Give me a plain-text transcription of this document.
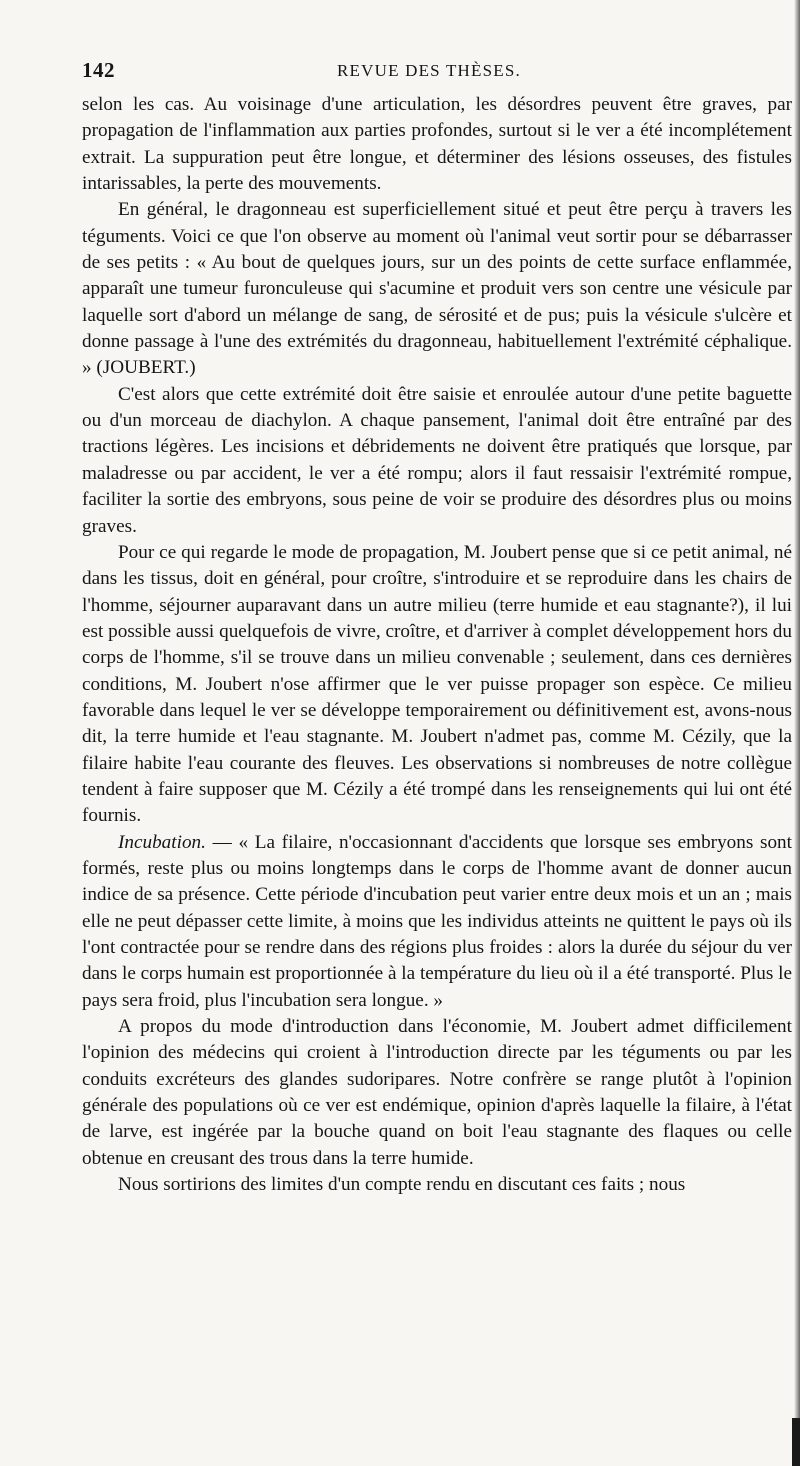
142	REVUE DES THÈSES.

selon les cas. Au voisinage d'une articulation, les désordres peuvent être graves, par propagation de l'inflammation aux parties profondes, surtout si le ver a été incomplétement extrait. La suppuration peut être longue, et déterminer des lésions osseuses, des fistules intarissables, la perte des mouvements.

En général, le dragonneau est superficiellement situé et peut être perçu à travers les téguments. Voici ce que l'on observe au moment où l'animal veut sortir pour se débarrasser de ses petits : « Au bout de quelques jours, sur un des points de cette surface enflammée, apparaît une tumeur furonculeuse qui s'acumine et produit vers son centre une vésicule par laquelle sort d'abord un mélange de sang, de sérosité et de pus; puis la vésicule s'ulcère et donne passage à l'une des extrémités du dragonneau, habituellement l'extrémité céphalique. » (JOUBERT.)

C'est alors que cette extrémité doit être saisie et enroulée autour d'une petite baguette ou d'un morceau de diachylon. A chaque pansement, l'animal doit être entraîné par des tractions légères. Les incisions et débridements ne doivent être pratiqués que lorsque, par maladresse ou par accident, le ver a été rompu; alors il faut ressaisir l'extrémité rompue, faciliter la sortie des embryons, sous peine de voir se produire des désordres plus ou moins graves.

Pour ce qui regarde le mode de propagation, M. Joubert pense que si ce petit animal, né dans les tissus, doit en général, pour croître, s'introduire et se reproduire dans les chairs de l'homme, séjourner auparavant dans un autre milieu (terre humide et eau stagnante?), il lui est possible aussi quelquefois de vivre, croître, et d'arriver à complet développement hors du corps de l'homme, s'il se trouve dans un milieu convenable ; seulement, dans ces dernières conditions, M. Joubert n'ose affirmer que le ver puisse propager son espèce. Ce milieu favorable dans lequel le ver se développe temporairement ou définitivement est, avons-nous dit, la terre humide et l'eau stagnante. M. Joubert n'admet pas, comme M. Cézily, que la filaire habite l'eau courante des fleuves. Les observations si nombreuses de notre collègue tendent à faire supposer que M. Cézily a été trompé dans les renseignements qui lui ont été fournis.

Incubation. — « La filaire, n'occasionnant d'accidents que lorsque ses embryons sont formés, reste plus ou moins longtemps dans le corps de l'homme avant de donner aucun indice de sa présence. Cette période d'incubation peut varier entre deux mois et un an ; mais elle ne peut dépasser cette limite, à moins que les individus atteints ne quittent le pays où ils l'ont contractée pour se rendre dans des régions plus froides : alors la durée du séjour du ver dans le corps humain est proportionnée à la température du lieu où il a été transporté. Plus le pays sera froid, plus l'incubation sera longue. »

A propos du mode d'introduction dans l'économie, M. Joubert admet difficilement l'opinion des médecins qui croient à l'introduction directe par les téguments ou par les conduits excréteurs des glandes sudoripares. Notre confrère se range plutôt à l'opinion générale des populations où ce ver est endémique, opinion d'après laquelle la filaire, à l'état de larve, est ingérée par la bouche quand on boit l'eau stagnante des flaques ou celle obtenue en creusant des trous dans la terre humide.

Nous sortirions des limites d'un compte rendu en discutant ces faits ; nous
